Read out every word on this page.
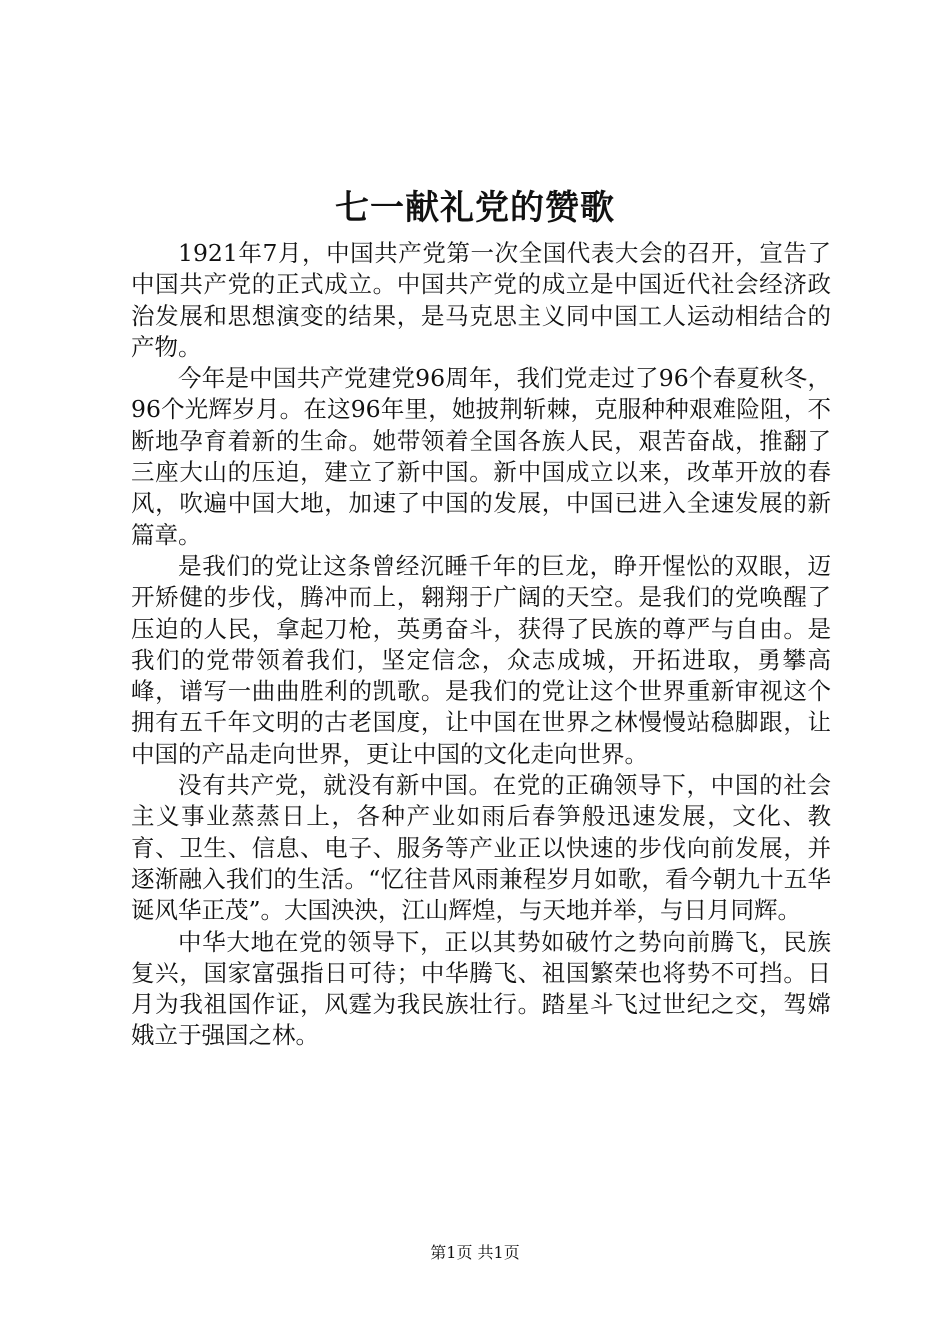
七一献礼党的赞歌

1921年7月，中国共产党第一次全国代表大会的召开，宣告了中国共产党的正式成立。中国共产党的成立是中国近代社会经济政治发展和思想演变的结果，是马克思主义同中国工人运动相结合的产物。

今年是中国共产党建党96周年，我们党走过了96个春夏秋冬，96个光辉岁月。在这96年里，她披荆斩棘，克服种种艰难险阻，不断地孕育着新的生命。她带领着全国各族人民，艰苦奋战，推翻了三座大山的压迫，建立了新中国。新中国成立以来，改革开放的春风，吹遍中国大地，加速了中国的发展，中国已进入全速发展的新篇章。

是我们的党让这条曾经沉睡千年的巨龙，睁开惺忪的双眼，迈开矫健的步伐，腾冲而上，翱翔于广阔的天空。是我们的党唤醒了压迫的人民，拿起刀枪，英勇奋斗，获得了民族的尊严与自由。是我们的党带领着我们，坚定信念，众志成城，开拓进取，勇攀高峰，谱写一曲曲胜利的凯歌。是我们的党让这个世界重新审视这个拥有五千年文明的古老国度，让中国在世界之林慢慢站稳脚跟，让中国的产品走向世界，更让中国的文化走向世界。

没有共产党，就没有新中国。在党的正确领导下，中国的社会主义事业蒸蒸日上，各种产业如雨后春笋般迅速发展，文化、教育、卫生、信息、电子、服务等产业正以快速的步伐向前发展，并逐渐融入我们的生活。“忆往昔风雨兼程岁月如歌，看今朝九十五华诞风华正茂”。大国泱泱，江山辉煌，与天地并举，与日月同辉。

中华大地在党的领导下，正以其势如破竹之势向前腾飞，民族复兴，国家富强指日可待；中华腾飞、祖国繁荣也将势不可挡。日月为我祖国作证，风霆为我民族壮行。踏星斗飞过世纪之交，驾嫦娥立于强国之林。

第1页 共1页
